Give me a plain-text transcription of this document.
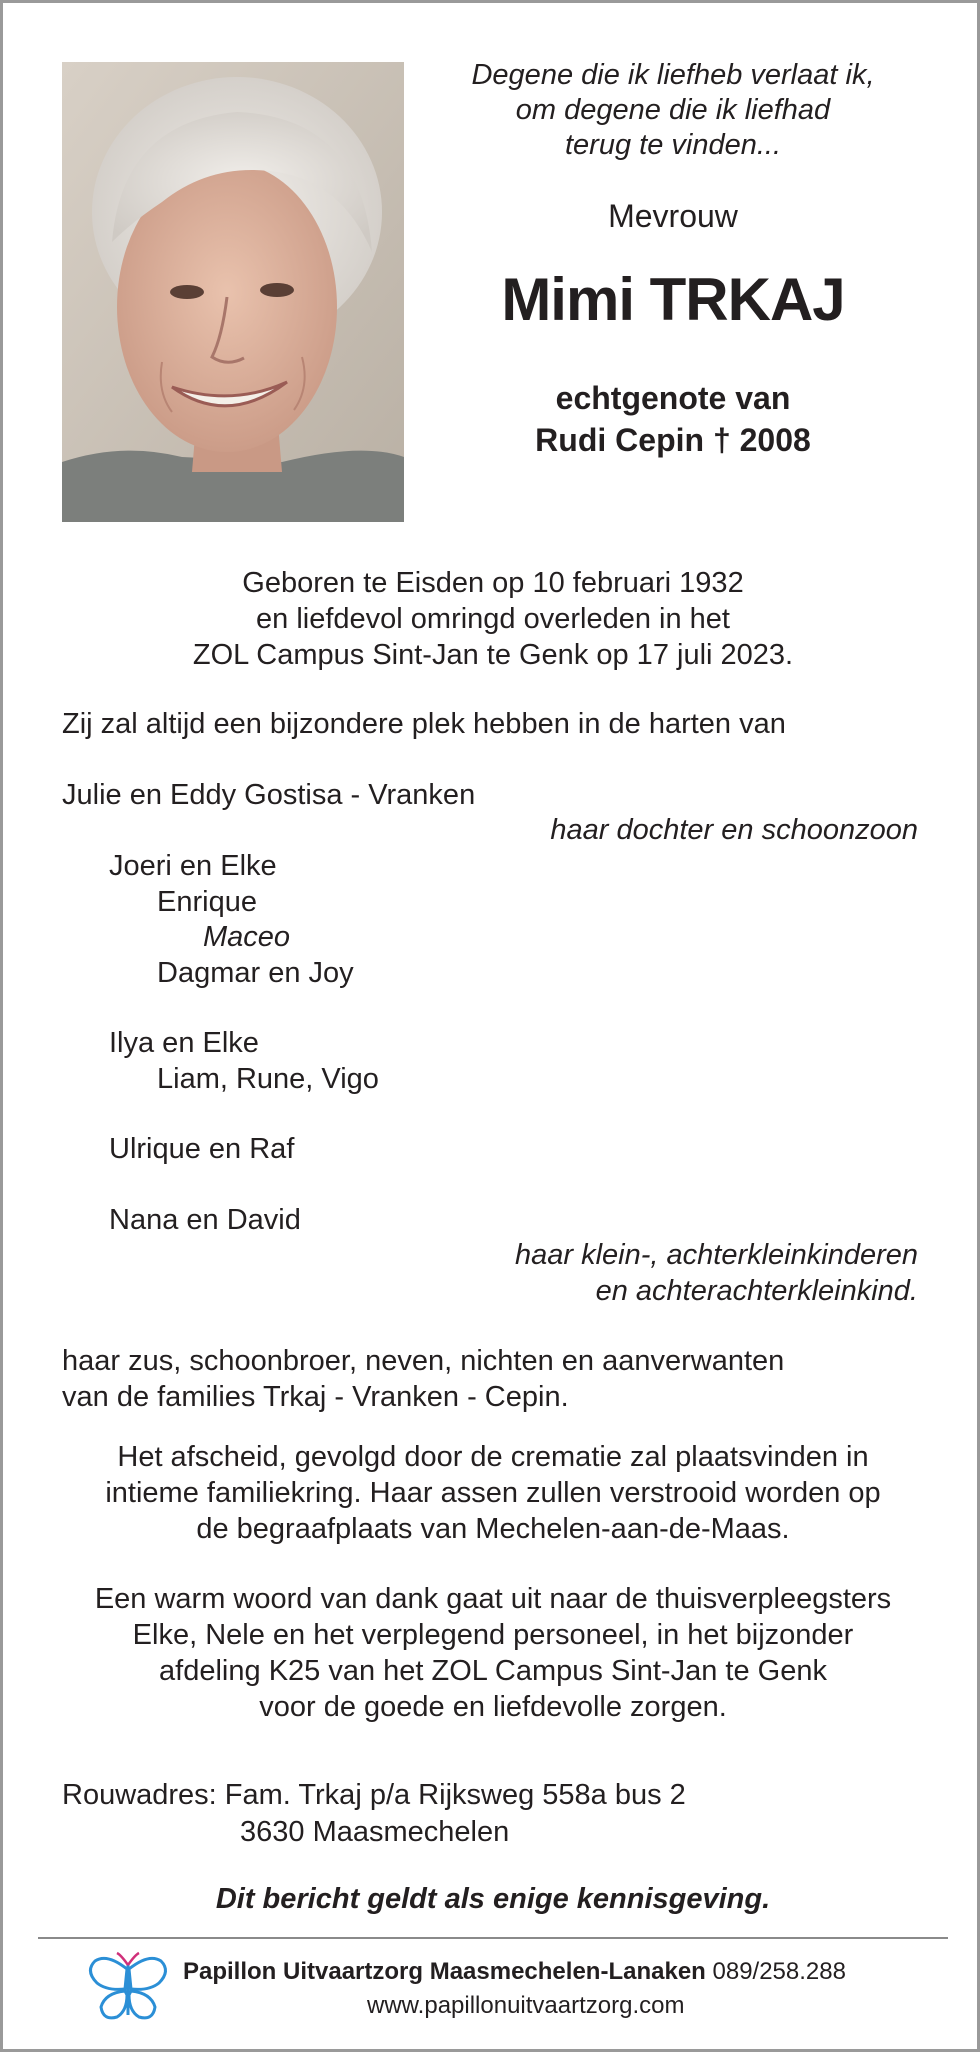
Degene die ik liefheb verlaat ik,
om degene die ik liefhad
terug te vinden...
Mevrouw
Mimi TRKAJ
echtgenote van
Rudi Cepin † 2008
Geboren te Eisden op 10 februari 1932
en liefdevol omringd overleden in het
ZOL Campus Sint-Jan te Genk op 17 juli 2023.
Zij zal altijd een bijzondere plek hebben in de harten van
Julie en Eddy Gostisa - Vranken
haar dochter en schoonzoon
Joeri en Elke
Enrique
Maceo
Dagmar en Joy
Ilya en Elke
Liam, Rune, Vigo
Ulrique en Raf
Nana en David
haar klein-, achterkleinkinderen
en achterachterkleinkind.
haar zus, schoonbroer, neven, nichten en aanverwanten
van de families Trkaj - Vranken - Cepin.
Het afscheid, gevolgd door de crematie zal plaatsvinden in
intieme familiekring. Haar assen zullen verstrooid worden op
de begraafplaats van Mechelen-aan-de-Maas.
Een warm woord van dank gaat uit naar de thuisverpleegsters
Elke, Nele en het verplegend personeel, in het bijzonder
afdeling K25 van het ZOL Campus Sint-Jan te Genk
voor de goede en liefdevolle zorgen.
Rouwadres: Fam. Trkaj p/a Rijksweg 558a bus 2
3630 Maasmechelen
Dit bericht geldt als enige kennisgeving.
Papillon Uitvaartzorg Maasmechelen-Lanaken 089/258.288
www.papillonuitvaartzorg.com
